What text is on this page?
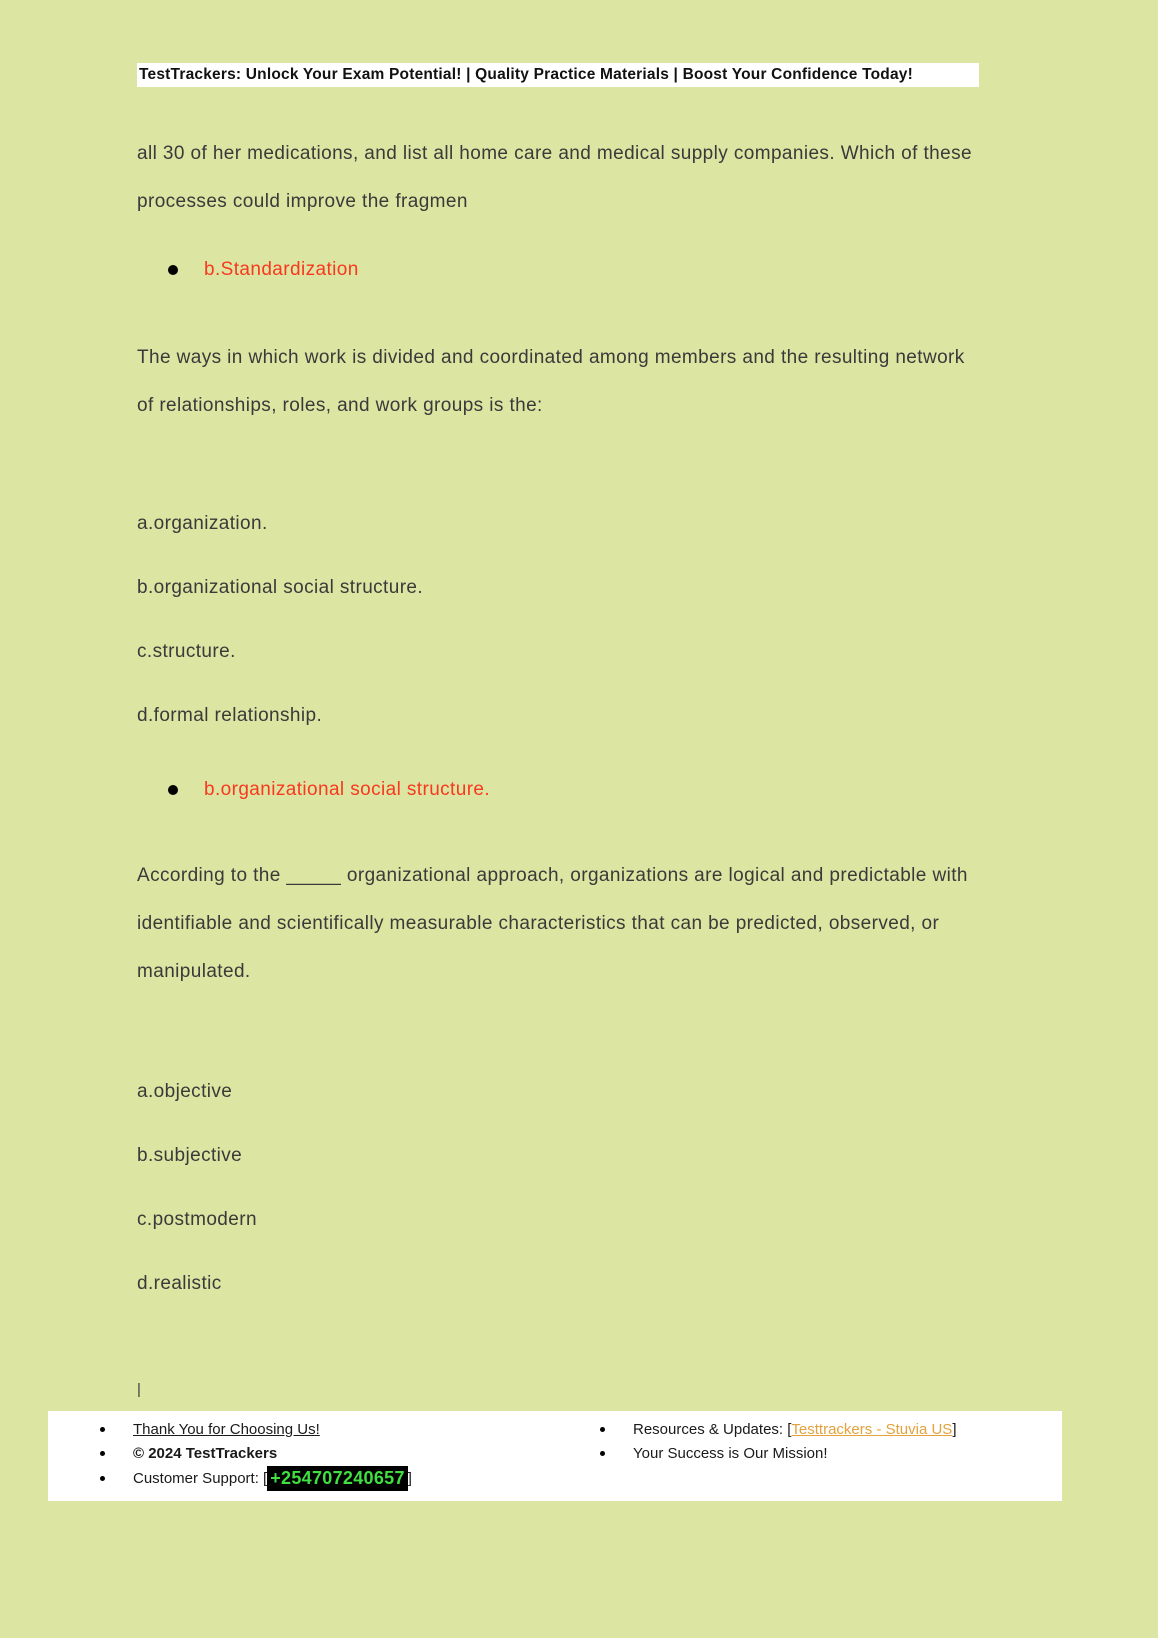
TestTrackers: Unlock Your Exam Potential! | Quality Practice Materials | Boost Your Confidence Today!

all 30 of her medications, and list all home care and medical supply companies. Which of these processes could improve the fragmen

b.Standardization

The ways in which work is divided and coordinated among members and the resulting network of relationships, roles, and work groups is the:

a.organization.

b.organizational social structure.

c.structure.

d.formal relationship.

b.organizational social structure.

According to the _____ organizational approach, organizations are logical and predictable with identifiable and scientifically measurable characteristics that can be predicted, observed, or manipulated.

a.objective

b.subjective

c.postmodern

d.realistic

|

Thank You for Choosing Us!
© 2024 TestTrackers
Customer Support: [ +254707240657 ]
Resources & Updates: [ Testtrackers - Stuvia US ]
Your Success is Our Mission!
